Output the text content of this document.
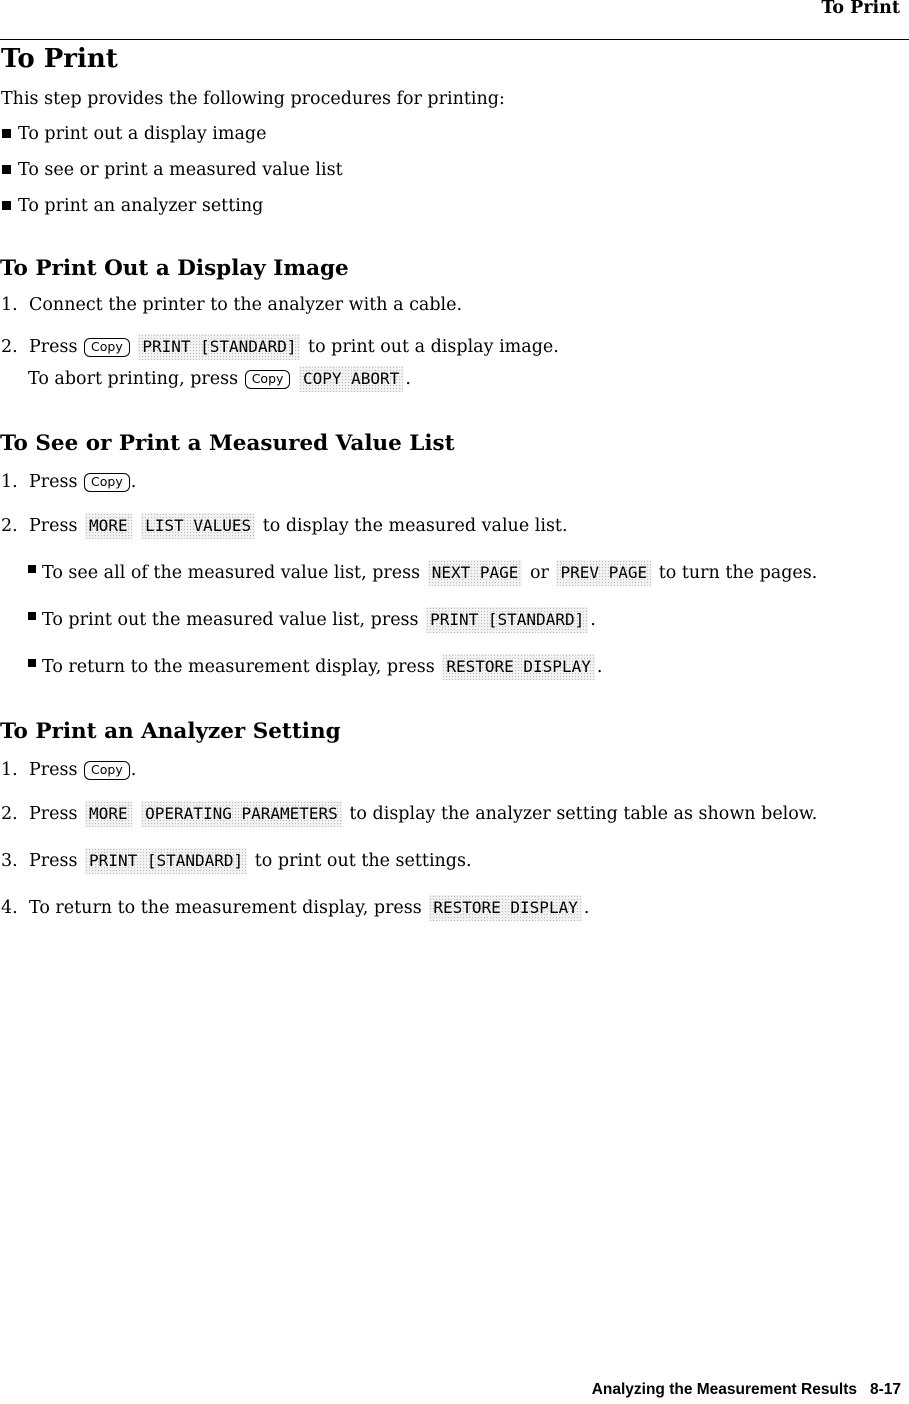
To Print
To Print
This step provides the following procedures for printing:
To print out a display image
To see or print a measured value list
To print an analyzer setting
To Print Out a Display Image
1. Connect the printer to the analyzer with a cable.
2. Press Copy PRINT [STANDARD] to print out a display image.
To abort printing, press Copy COPY ABORT .
To See or Print a Measured Value List
1. Press Copy .
2. Press MORE LIST VALUES to display the measured value list.
To see all of the measured value list, press NEXT PAGE or PREV PAGE to turn the pages.
To print out the measured value list, press PRINT [STANDARD] .
To return to the measurement display, press RESTORE DISPLAY .
To Print an Analyzer Setting
1. Press Copy .
2. Press MORE OPERATING PARAMETERS to display the analyzer setting table as shown below.
3. Press PRINT [STANDARD] to print out the settings.
4. To return to the measurement display, press RESTORE DISPLAY .
Analyzing the Measurement Results 8-17
